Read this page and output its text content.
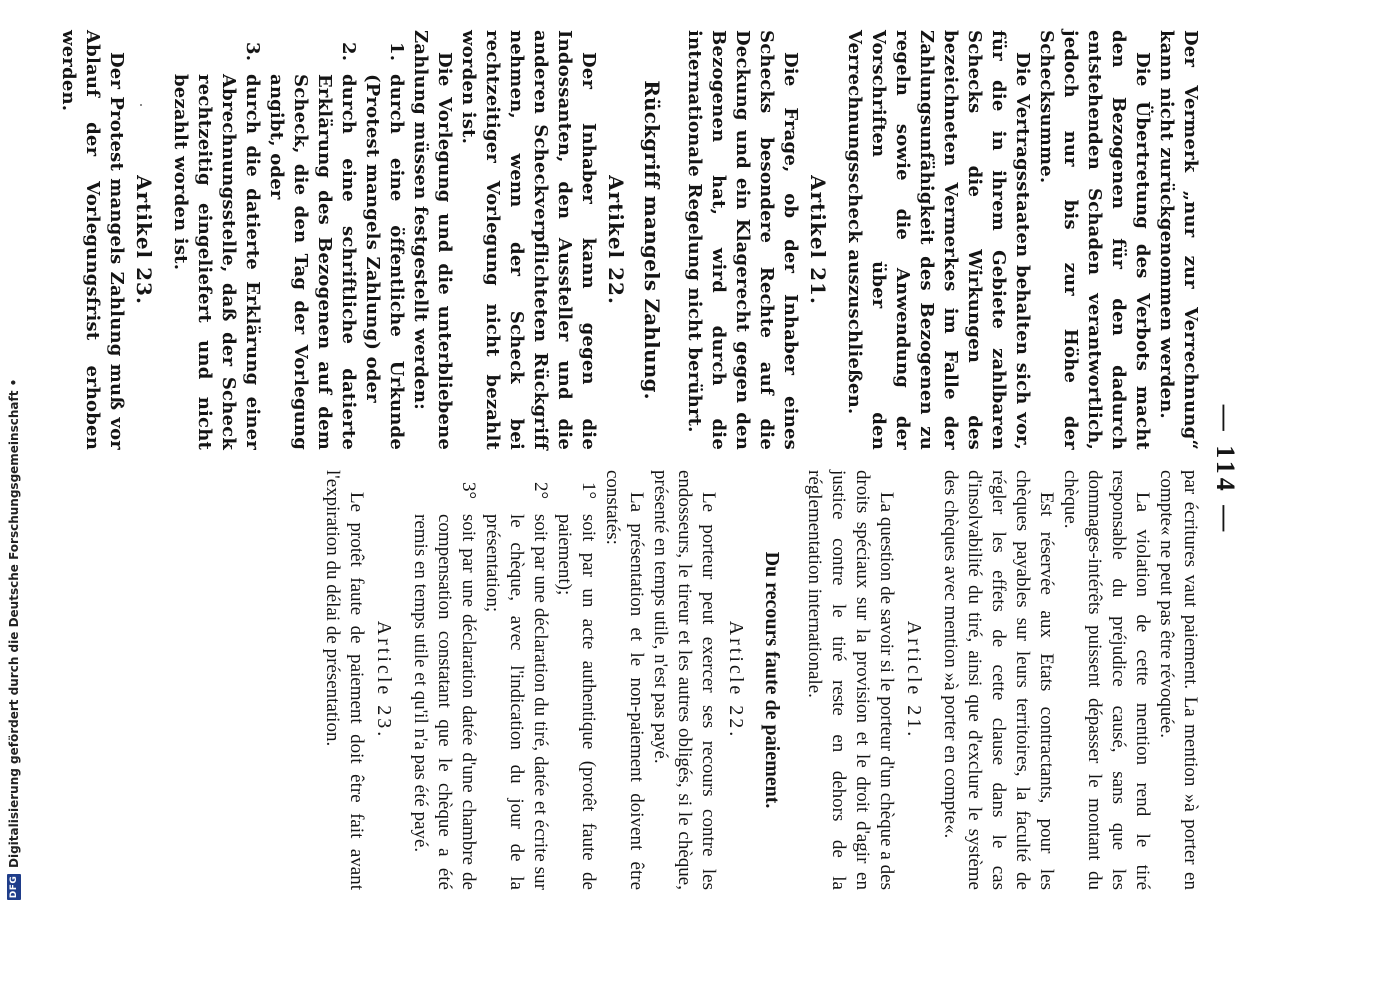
— 114 —

Der Vermerk „nur zur Verrechnung“ kann nicht zurückgenommen werden.

Die Übertretung des Verbots macht den Bezogenen für den dadurch entstehenden Schaden verantwortlich, jedoch nur bis zur Höhe der Schecksumme.

Die Vertragsstaaten behalten sich vor, für die in ihrem Gebiete zahlbaren Schecks die Wirkungen des bezeichneten Vermerkes im Falle der Zahlungsunfähigkeit des Bezogenen zu regeln sowie die Anwendung der Vorschriften über den Verrechnungsscheck auszuschließen.

Artikel 21.

Die Frage, ob der Inhaber eines Schecks besondere Rechte auf die Deckung und ein Klagerecht gegen den Bezogenen hat, wird durch die internationale Regelung nicht berührt.

Rückgriff mangels Zahlung.
Artikel 22.

Der Inhaber kann gegen die Indossanten, den Aussteller und die anderen Scheckverpflichteten Rückgriff nehmen, wenn der Scheck bei rechtzeitiger Vorlegung nicht bezahlt worden ist.

Die Vorlegung und die unterbliebene Zahlung müssen festgestellt werden:

1.
durch eine öffentliche Urkunde (Protest mangels Zahlung) oder
2.
durch eine schriftliche datierte Erklärung des Bezogenen auf dem Scheck, die den Tag der Vorlegung angibt, oder
3.
durch die datierte Erklärung einer Abrechnungsstelle, daß der Scheck rechtzeitig eingeliefert und nicht bezahlt worden ist.
Artikel 23.

Der Protest mangels Zahlung muß vor Ablauf der Vorlegungsfrist erhoben werden.

par écritures vaut paiement. La mention »à porter en compte« ne peut pas être révoquée.

La violation de cette mention rend le tiré responsable du préjudice causé, sans que les dommages-intérêts puissent dépasser le montant du chèque.

Est réservée aux Etats contractants, pour les chèques payables sur leurs territoires, la faculté de régler les effets de cette clause dans le cas d'insolvabilité du tiré, ainsi que d'exclure le système des chèques avec mention »à porter en compte«.

Article 21.

La question de savoir si le porteur d'un chèque a des droits spéciaux sur la provision et le droit d'agir en justice contre le tiré reste en dehors de la réglementation internationale.

Du recours faute de paiement.
Article 22.

Le porteur peut exercer ses recours contre les endosseurs, le tireur et les autres obligés, si le chèque, présenté en temps utile, n'est pas payé.

La présentation et le non-paiement doivent être constatés:

1°
soit par un acte authentique (protêt faute de paiement);
2°
soit par une déclaration du tiré, datée et écrite sur le chèque, avec l'indication du jour de la présentation;
3°
soit par une déclaration datée d'une chambre de compensation constatant que le chèque a été remis en temps utile et qu'il n'a pas été payé.
Article 23.

Le protêt faute de paiement doit être fait avant l'expiration du délai de présentation.

DFG
Digitalisierung gefördert durch die Deutsche Forschungsgemeinschaft •
